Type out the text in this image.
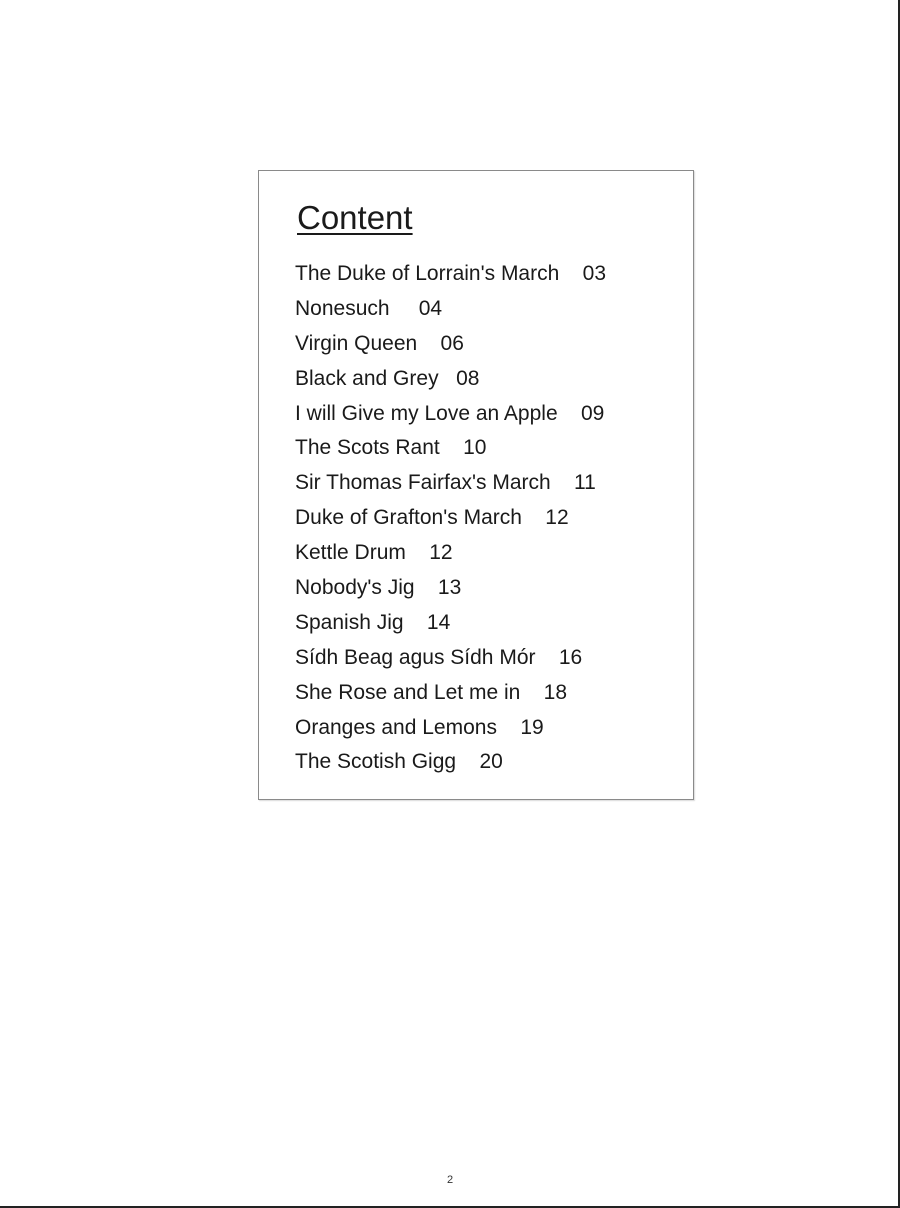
Content
The Duke of Lorrain's March 03
Nonesuch 04
Virgin Queen 06
Black and Grey 08
I will Give my Love an Apple 09
The Scots Rant 10
Sir Thomas Fairfax's March 11
Duke of Grafton's March 12
Kettle Drum 12
Nobody's Jig 13
Spanish Jig 14
Sídh Beag agus Sídh Mór 16
She Rose and Let me in 18
Oranges and Lemons 19
The Scotish Gigg 20
2
